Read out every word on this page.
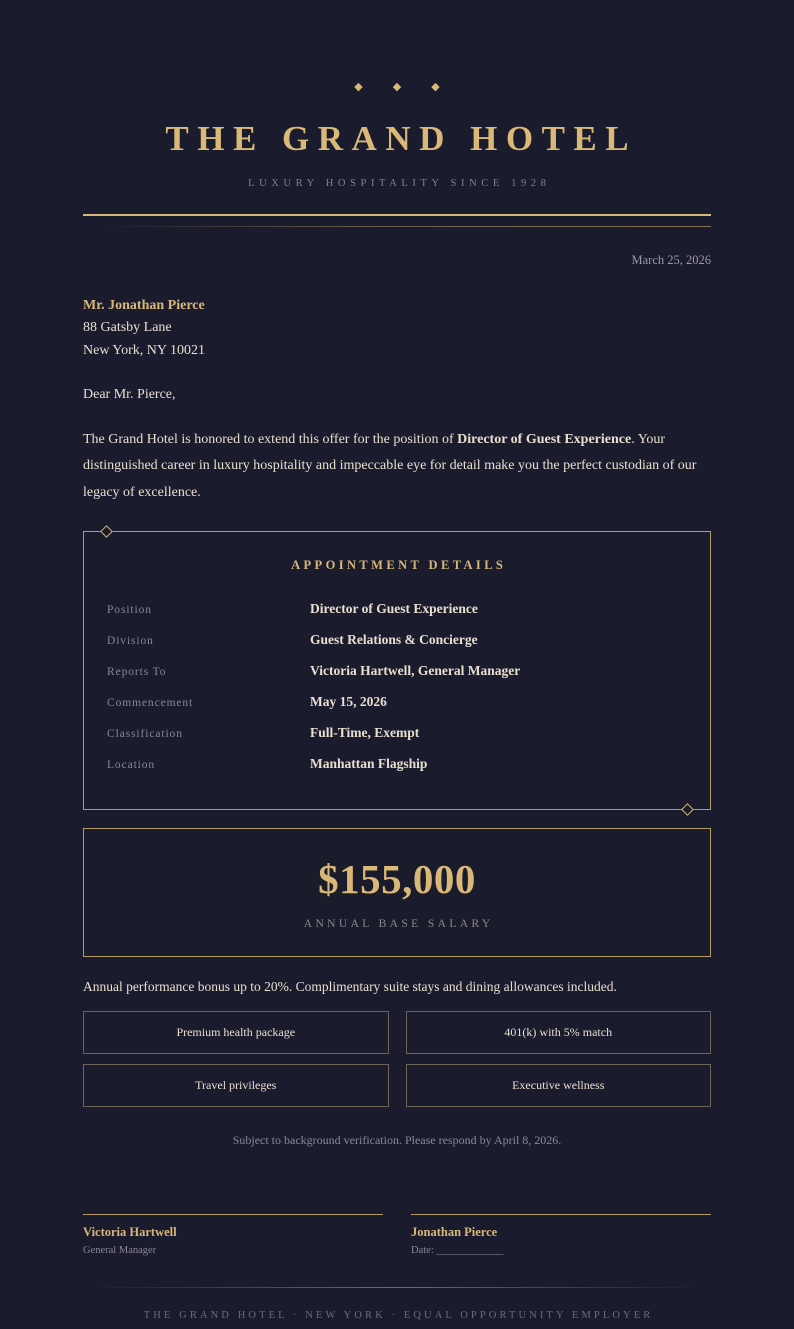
◆	◆	◆
THE GRAND HOTEL
LUXURY HOSPITALITY SINCE 1928
March 25, 2026
Mr. Jonathan Pierce
88 Gatsby Lane
New York, NY 10021
Dear Mr. Pierce,

The Grand Hotel is honored to extend this offer for the position of Director of Guest Experience. Your distinguished career in luxury hospitality and impeccable eye for detail make you the perfect custodian of our legacy of excellence.

APPOINTMENT DETAILS
Position	Director of Guest Experience
Division	Guest Relations & Concierge
Reports To	Victoria Hartwell, General Manager
Commencement	May 15, 2026
Classification	Full-Time, Exempt
Location	Manhattan Flagship
$155,000
ANNUAL BASE SALARY
Annual performance bonus up to 20%. Complimentary suite stays and dining allowances included.
Premium health package	401(k) with 5% match
Travel privileges	Executive wellness
Subject to background verification. Please respond by April 8, 2026.
Victoria Hartwell
General Manager
Jonathan Pierce
Date: ______________
THE GRAND HOTEL · NEW YORK · EQUAL OPPORTUNITY EMPLOYER
